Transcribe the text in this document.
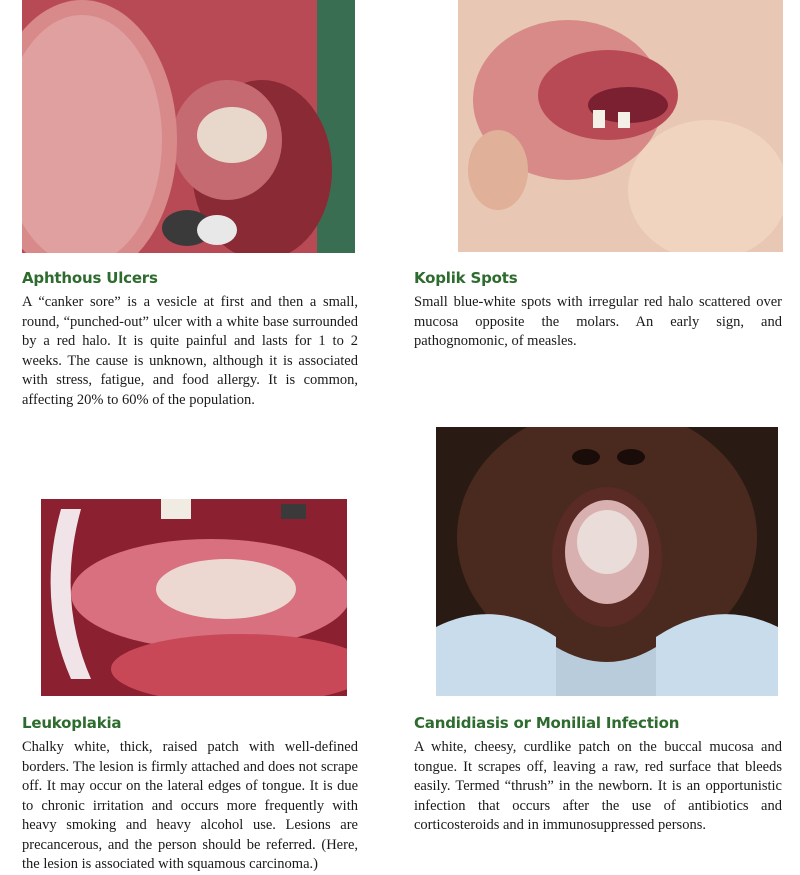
Aphthous Ulcers

A “canker sore” is a vesicle at first and then a small, round, “punched-out” ulcer with a white base surrounded by a red halo. It is quite painful and lasts for 1 to 2 weeks. The cause is unknown, although it is associated with stress, fatigue, and food allergy. It is common, affecting 20% to 60% of the population.

Koplik Spots

Small blue-white spots with irregular red halo scattered over mucosa opposite the molars. An early sign, and pathognomonic, of measles.

Leukoplakia

Chalky white, thick, raised patch with well-defined borders. The lesion is firmly attached and does not scrape off. It may occur on the lateral edges of tongue. It is due to chronic irritation and occurs more frequently with heavy smoking and heavy alcohol use. Lesions are precancerous, and the person should be referred. (Here, the lesion is associated with squamous carcinoma.)

Candidiasis or Monilial Infection

A white, cheesy, curdlike patch on the buccal mucosa and tongue. It scrapes off, leaving a raw, red surface that bleeds easily. Termed “thrush” in the newborn. It is an opportunistic infection that occurs after the use of antibiotics and corticosteroids and in immunosuppressed persons.
